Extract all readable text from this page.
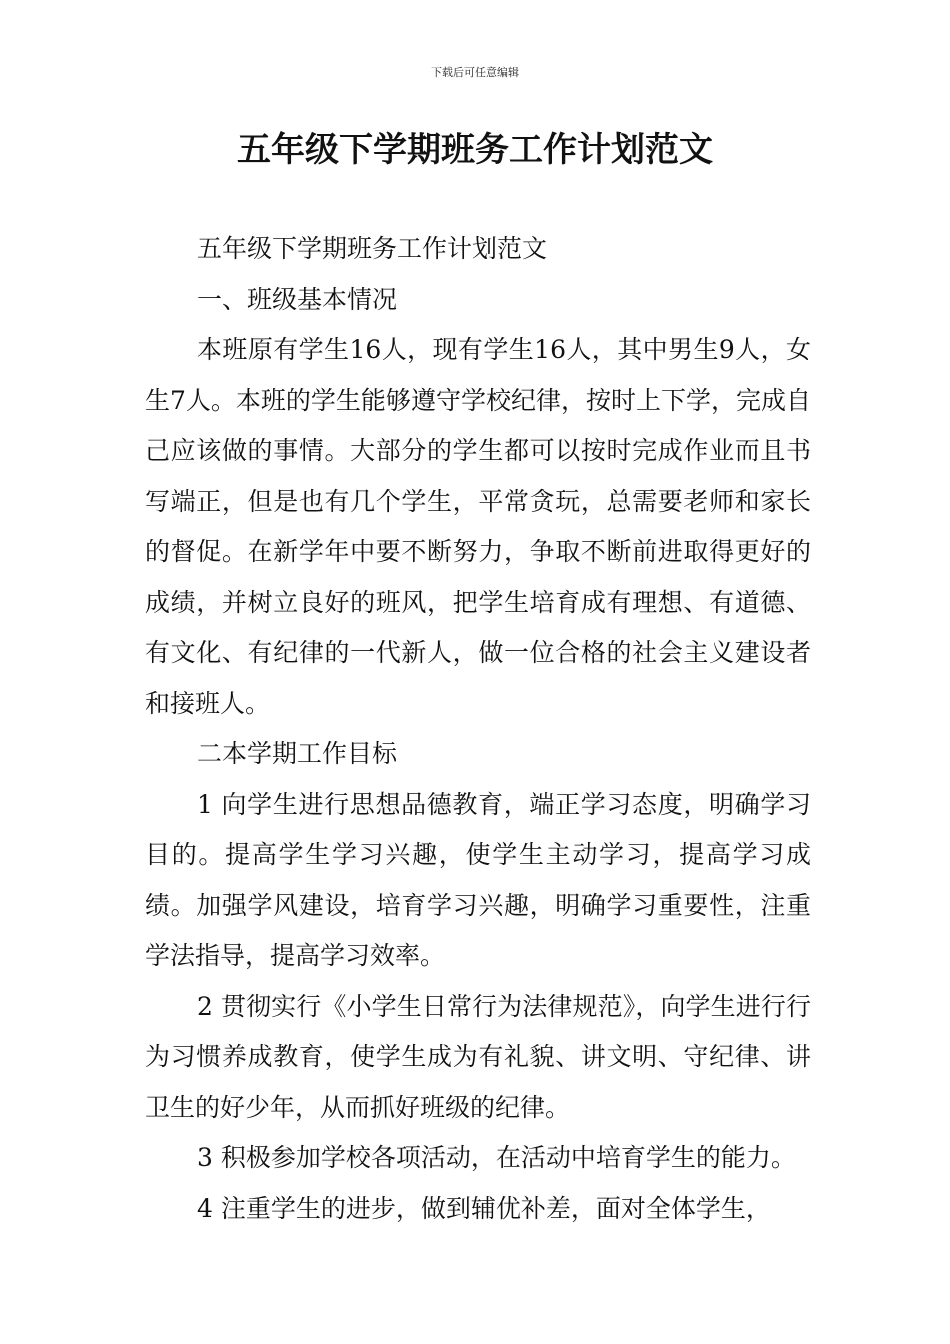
下载后可任意编辑
五年级下学期班务工作计划范文

五年级下学期班务工作计划范文

一、班级基本情况

本班原有学生16人，现有学生16人，其中男生9人，女生7人。本班的学生能够遵守学校纪律，按时上下学，完成自己应该做的事情。大部分的学生都可以按时完成作业而且书写端正，但是也有几个学生，平常贪玩，总需要老师和家长的督促。在新学年中要不断努力，争取不断前进取得更好的成绩，并树立良好的班风，把学生培育成有理想、有道德、有文化、有纪律的一代新人，做一位合格的社会主义建设者和接班人。

二本学期工作目标

1 向学生进行思想品德教育，端正学习态度，明确学习目的。提高学生学习兴趣，使学生主动学习，提高学习成绩。加强学风建设，培育学习兴趣，明确学习重要性，注重学法指导，提高学习效率。

2 贯彻实行《小学生日常行为法律规范》，向学生进行行为习惯养成教育，使学生成为有礼貌、讲文明、守纪律、讲卫生的好少年，从而抓好班级的纪律。

3 积极参加学校各项活动，在活动中培育学生的能力。

4 注重学生的进步，做到辅优补差，面对全体学生，
